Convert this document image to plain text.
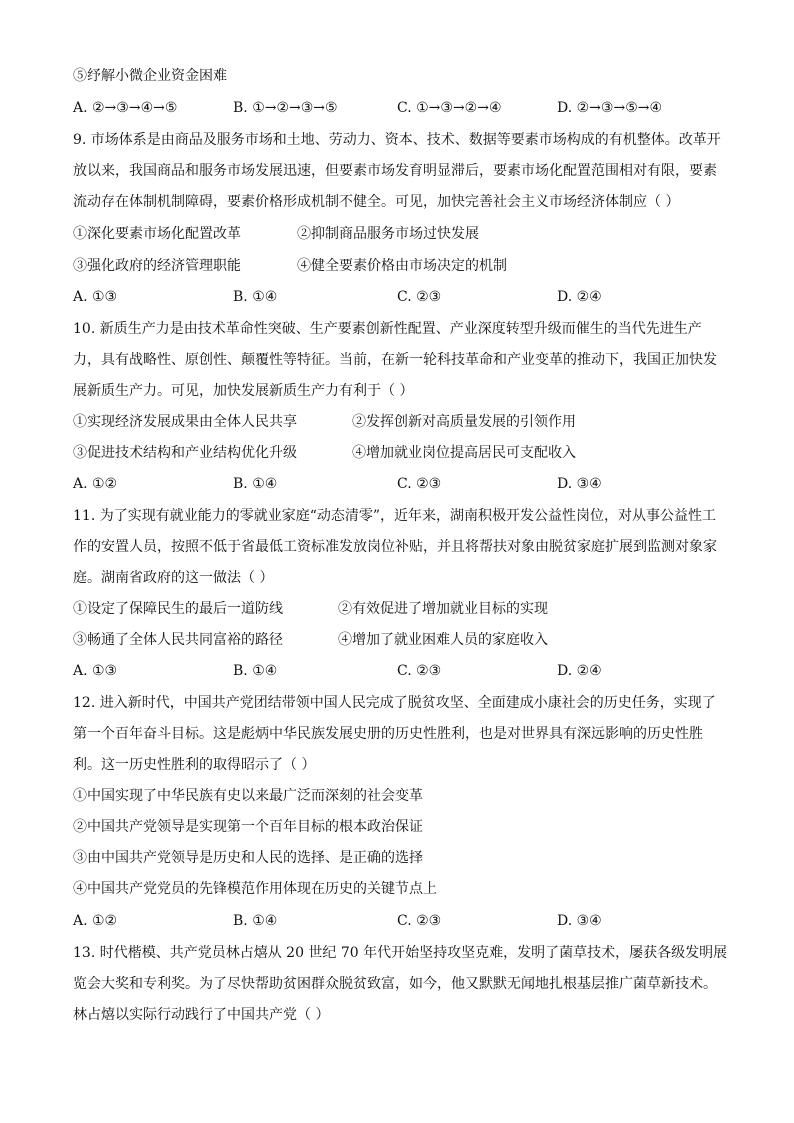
⑤纾解小微企业资金困难
A. ②→③→④→⑤	B. ①→②→③→⑤	C. ①→③→②→④	D. ②→③→⑤→④
9. 市场体系是由商品及服务市场和土地、劳动力、资本、技术、数据等要素市场构成的有机整体。改革开
放以来，我国商品和服务市场发展迅速，但要素市场发育明显滞后，要素市场化配置范围相对有限，要素
流动存在体制机制障碍，要素价格形成机制不健全。可见，加快完善社会主义市场经济体制应（ ）
①深化要素市场化配置改革	②抑制商品服务市场过快发展
③强化政府的经济管理职能	④健全要素价格由市场决定的机制
A. ①③	B. ①④	C. ②③	D. ②④
10. 新质生产力是由技术革命性突破、生产要素创新性配置、产业深度转型升级而催生的当代先进生产
力，具有战略性、原创性、颠覆性等特征。当前，在新一轮科技革命和产业变革的推动下，我国正加快发
展新质生产力。可见，加快发展新质生产力有利于（ ）
①实现经济发展成果由全体人民共享	②发挥创新对高质量发展的引领作用
③促进技术结构和产业结构优化升级	④增加就业岗位提高居民可支配收入
A. ①②	B. ①④	C. ②③	D. ③④
11. 为了实现有就业能力的零就业家庭“动态清零”，近年来，湖南积极开发公益性岗位，对从事公益性工
作的安置人员，按照不低于省最低工资标准发放岗位补贴，并且将帮扶对象由脱贫家庭扩展到监测对象家
庭。湖南省政府的这一做法（ ）
①设定了保障民生的最后一道防线	②有效促进了增加就业目标的实现
③畅通了全体人民共同富裕的路径	④增加了就业困难人员的家庭收入
A. ①③	B. ①④	C. ②③	D. ②④
12. 进入新时代，中国共产党团结带领中国人民完成了脱贫攻坚、全面建成小康社会的历史任务，实现了
第一个百年奋斗目标。这是彪炳中华民族发展史册的历史性胜利，也是对世界具有深远影响的历史性胜
利。这一历史性胜利的取得昭示了（ ）
①中国实现了中华民族有史以来最广泛而深刻的社会变革
②中国共产党领导是实现第一个百年目标的根本政治保证
③由中国共产党领导是历史和人民的选择、是正确的选择
④中国共产党党员的先锋模范作用体现在历史的关键节点上
A. ①②	B. ①④	C. ②③	D. ③④
13. 时代楷模、共产党员林占熺从 20 世纪 70 年代开始坚持攻坚克难，发明了菌草技术，屡获各级发明展
览会大奖和专利奖。为了尽快帮助贫困群众脱贫致富，如今，他又默默无闻地扎根基层推广菌草新技术。
林占熺以实际行动践行了中国共产党（ ）
